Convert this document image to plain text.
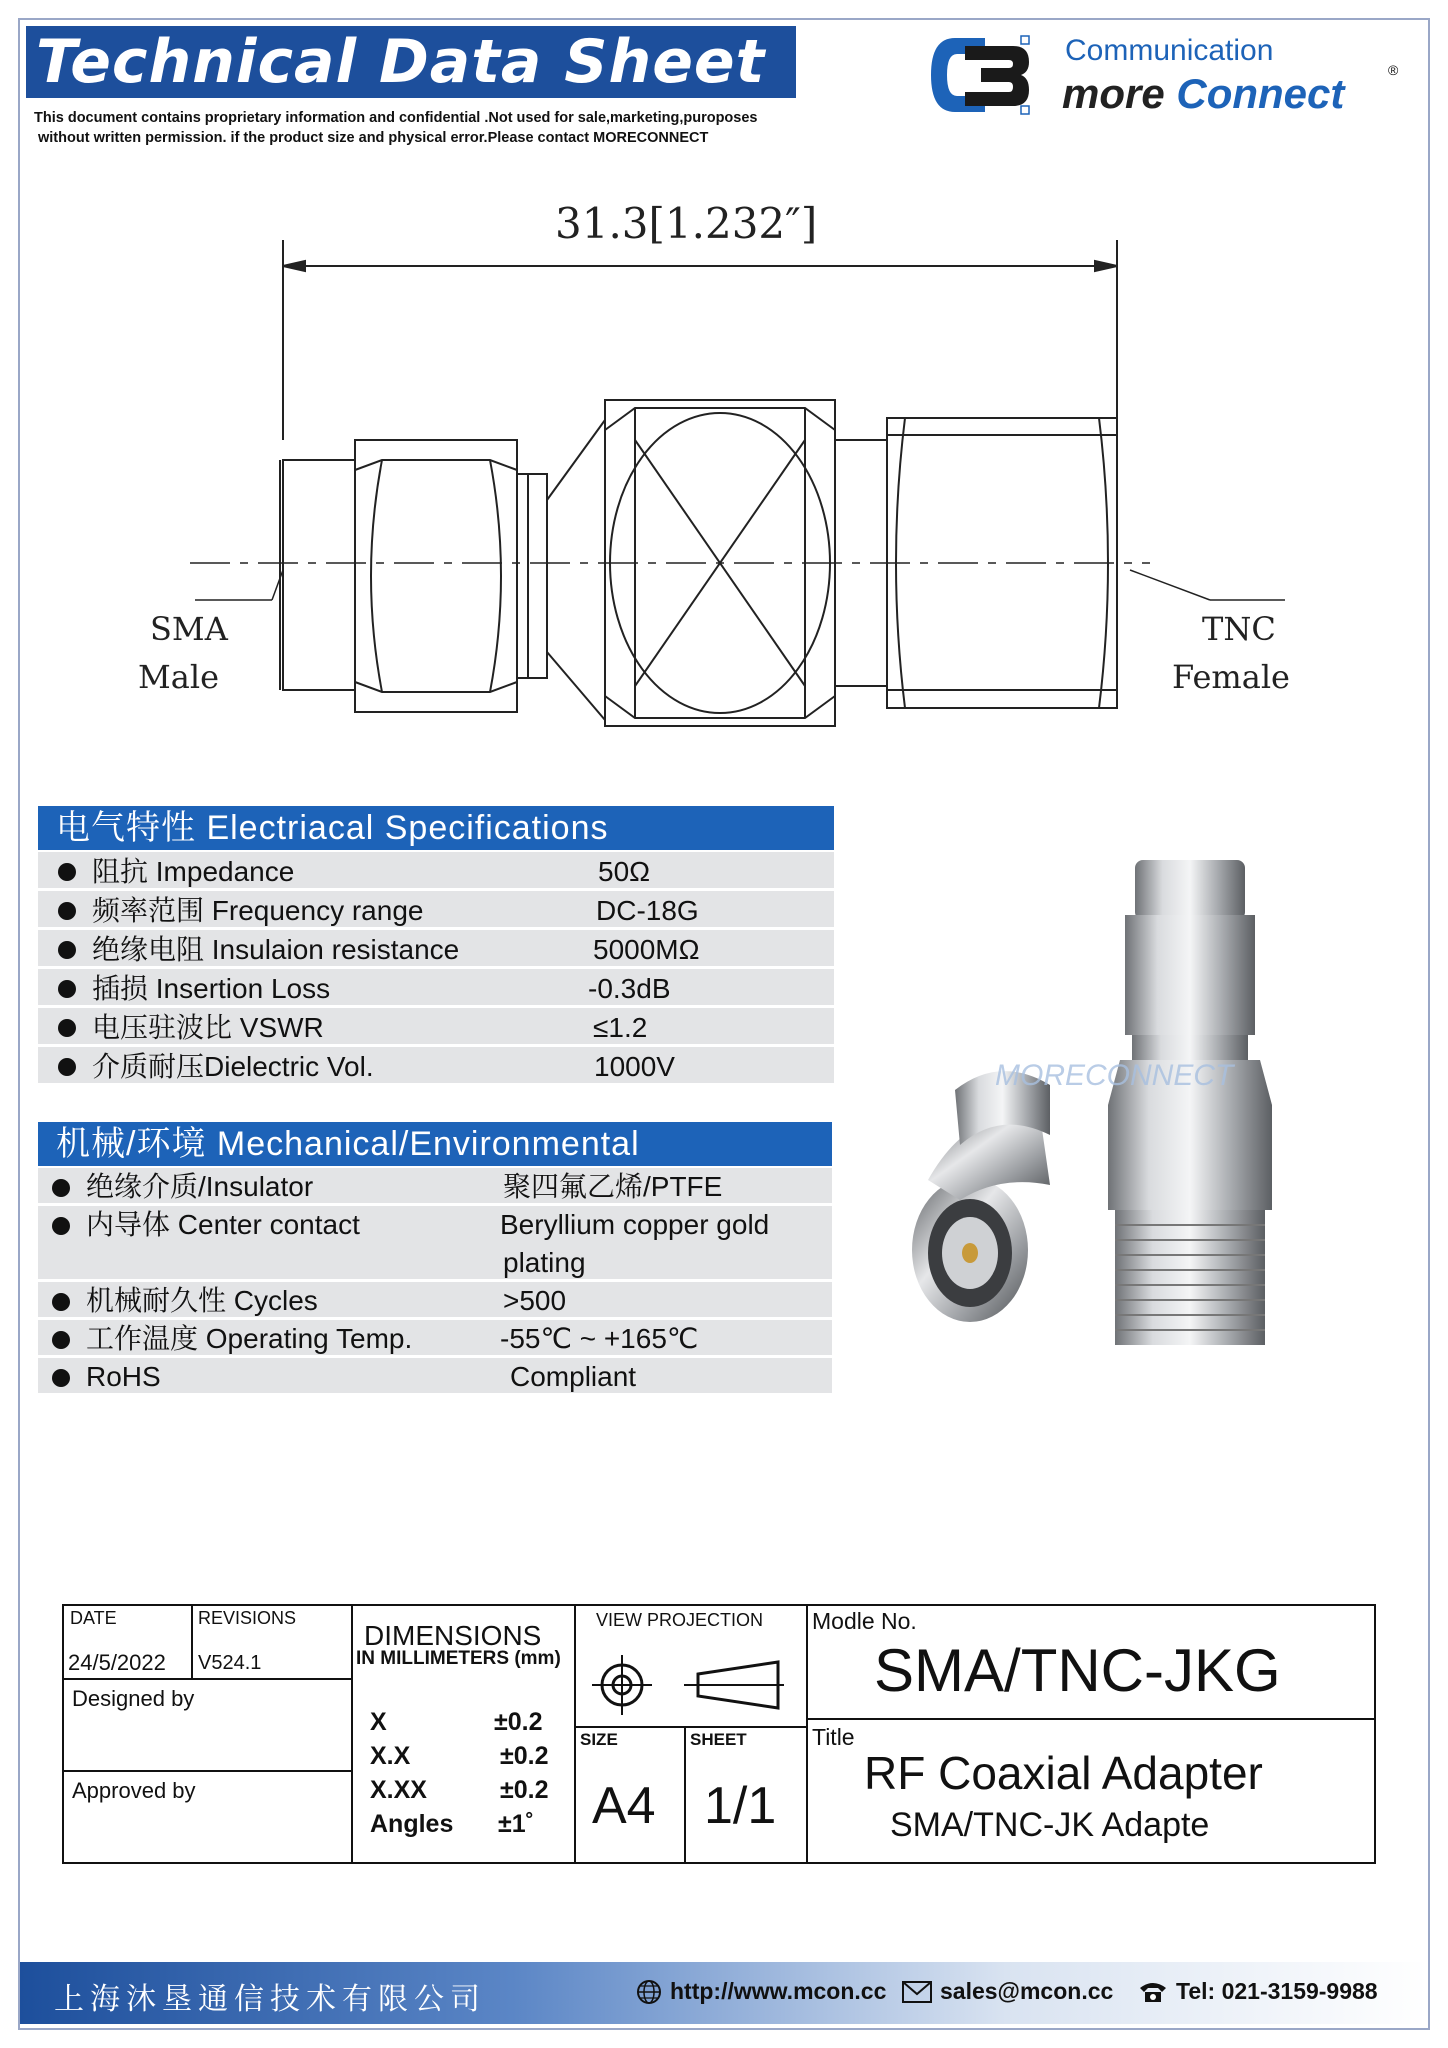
Technical Data Sheet
This document contains proprietary information and confidential .Not used for sale,marketing,puroposes
without written permission. if the product size and physical error.Please contact MORECONNECT
Communication
more Connect	®
31.3[1.232″]
SMA
Male
TNC
Female
电气特性 Electriacal Specifications
阻抗 Impedance	50Ω
频率范围 Frequency range	DC-18G
绝缘电阻 Insulaion resistance	5000MΩ
插损 Insertion Loss	-0.3dB
电压驻波比 VSWR	≤1.2
介质耐压Dielectric Vol.	1000V
机械/环境 Mechanical/Environmental
绝缘介质/Insulator	聚四氟乙烯/PTFE
内导体 Center contact	Beryllium copper gold
plating
机械耐久性 Cycles	>500
工作温度 Operating Temp.	-55℃ ~ +165℃
RoHS	Compliant
MORECONNECT
DATE
24/5/2022
REVISIONS
V524.1
Designed by
Approved by
DIMENSIONS
IN MILLIMETERS (mm)
X	±0.2
X.X	±0.2
X.XX	±0.2
Angles ±1˚
VIEW PROJECTION
SIZE
A4
SHEET
1/1
Modle No.
SMA/TNC-JKG
Title
RF Coaxial Adapter
SMA/TNC-JK Adapte
上海沐垦通信技术有限公司	http://www.mcon.cc sales@mcon.cc	Tel: 021-3159-9988
